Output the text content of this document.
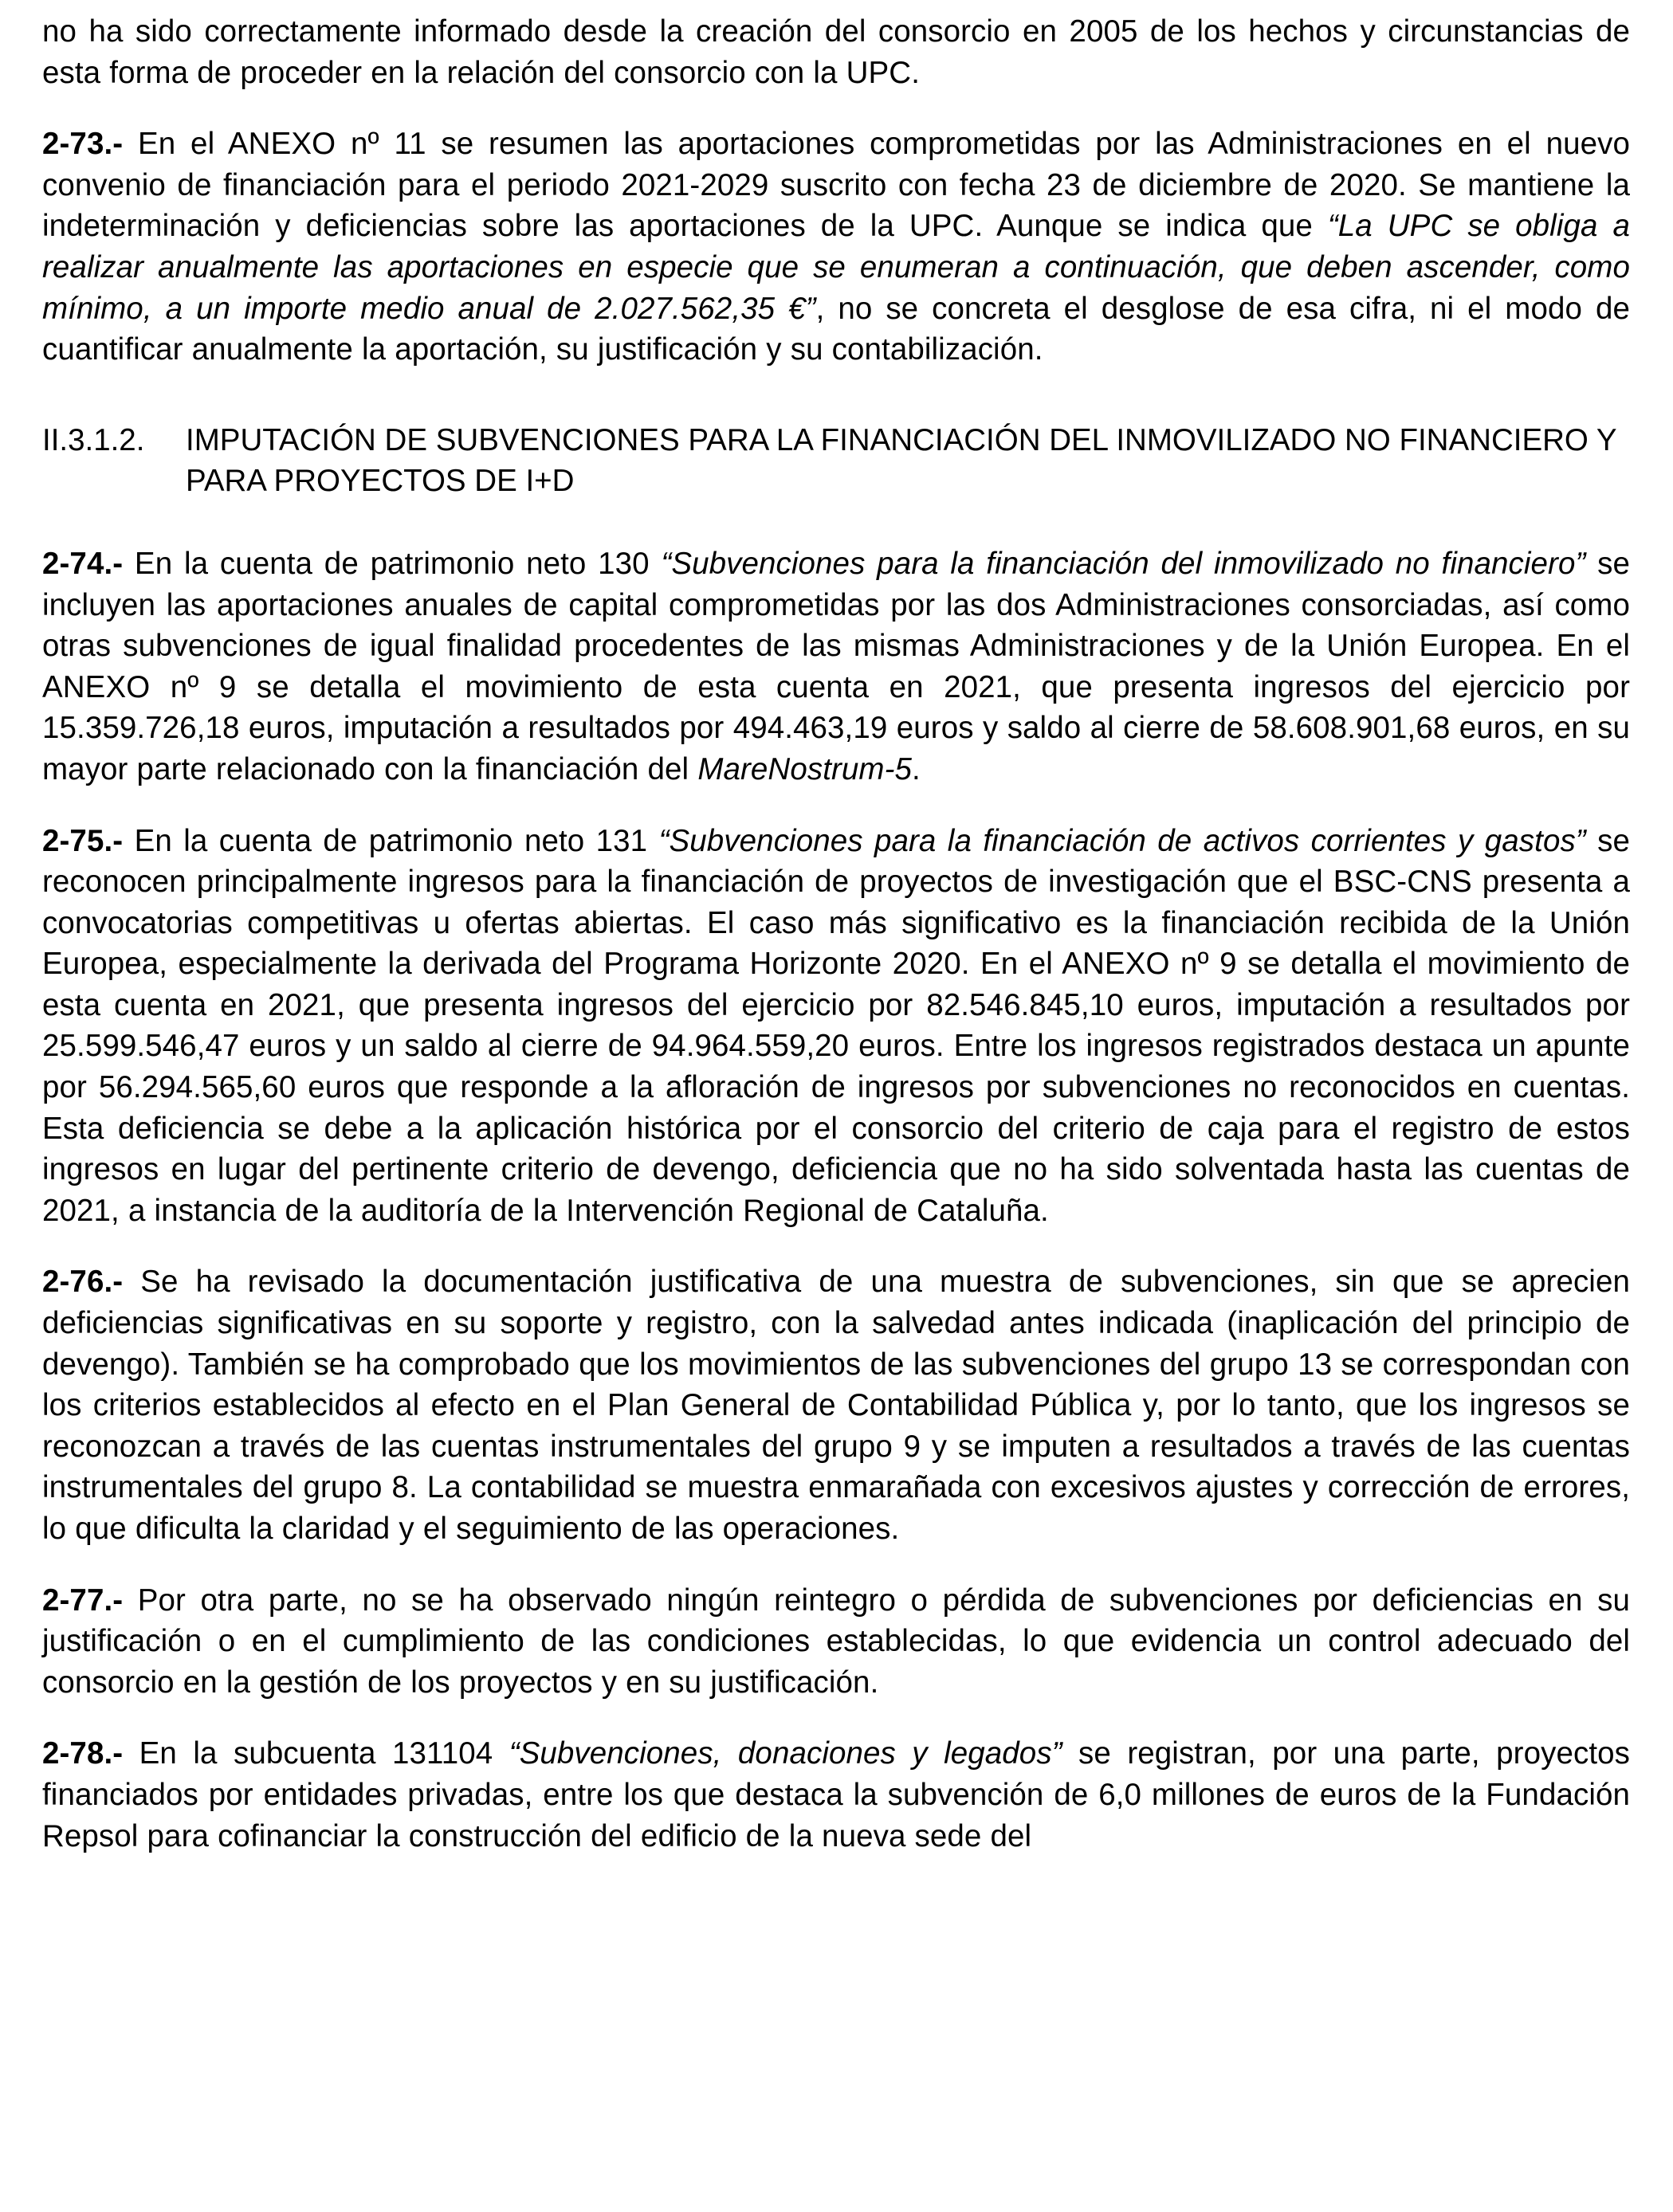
no ha sido correctamente informado desde la creación del consorcio en 2005 de los hechos y circunstancias de esta forma de proceder en la relación del consorcio con la UPC.

2-73.- En el ANEXO nº 11 se resumen las aportaciones comprometidas por las Administraciones en el nuevo convenio de financiación para el periodo 2021-2029 suscrito con fecha 23 de diciembre de 2020. Se mantiene la indeterminación y deficiencias sobre las aportaciones de la UPC. Aunque se indica que “La UPC se obliga a realizar anualmente las aportaciones en especie que se enumeran a continuación, que deben ascender, como mínimo, a un importe medio anual de 2.027.562,35 €”, no se concreta el desglose de esa cifra, ni el modo de cuantificar anualmente la aportación, su justificación y su contabilización.

II.3.1.2.	IMPUTACIÓN DE SUBVENCIONES PARA LA FINANCIACIÓN DEL INMOVILIZADO NO FINANCIERO Y PARA PROYECTOS DE I+D

2-74.- En la cuenta de patrimonio neto 130 “Subvenciones para la financiación del inmovilizado no financiero” se incluyen las aportaciones anuales de capital comprometidas por las dos Administraciones consorciadas, así como otras subvenciones de igual finalidad procedentes de las mismas Administraciones y de la Unión Europea. En el ANEXO nº 9 se detalla el movimiento de esta cuenta en 2021, que presenta ingresos del ejercicio por 15.359.726,18 euros, imputación a resultados por 494.463,19 euros y saldo al cierre de 58.608.901,68 euros, en su mayor parte relacionado con la financiación del MareNostrum-5.

2-75.- En la cuenta de patrimonio neto 131 “Subvenciones para la financiación de activos corrientes y gastos” se reconocen principalmente ingresos para la financiación de proyectos de investigación que el BSC-CNS presenta a convocatorias competitivas u ofertas abiertas. El caso más significativo es la financiación recibida de la Unión Europea, especialmente la derivada del Programa Horizonte 2020. En el ANEXO nº 9 se detalla el movimiento de esta cuenta en 2021, que presenta ingresos del ejercicio por 82.546.845,10 euros, imputación a resultados por 25.599.546,47 euros y un saldo al cierre de 94.964.559,20 euros. Entre los ingresos registrados destaca un apunte por 56.294.565,60 euros que responde a la afloración de ingresos por subvenciones no reconocidos en cuentas. Esta deficiencia se debe a la aplicación histórica por el consorcio del criterio de caja para el registro de estos ingresos en lugar del pertinente criterio de devengo, deficiencia que no ha sido solventada hasta las cuentas de 2021, a instancia de la auditoría de la Intervención Regional de Cataluña.

2-76.- Se ha revisado la documentación justificativa de una muestra de subvenciones, sin que se aprecien deficiencias significativas en su soporte y registro, con la salvedad antes indicada (inaplicación del principio de devengo). También se ha comprobado que los movimientos de las subvenciones del grupo 13 se correspondan con los criterios establecidos al efecto en el Plan General de Contabilidad Pública y, por lo tanto, que los ingresos se reconozcan a través de las cuentas instrumentales del grupo 9 y se imputen a resultados a través de las cuentas instrumentales del grupo 8. La contabilidad se muestra enmarañada con excesivos ajustes y corrección de errores, lo que dificulta la claridad y el seguimiento de las operaciones.

2-77.- Por otra parte, no se ha observado ningún reintegro o pérdida de subvenciones por deficiencias en su justificación o en el cumplimiento de las condiciones establecidas, lo que evidencia un control adecuado del consorcio en la gestión de los proyectos y en su justificación.

2-78.- En la subcuenta 131104 “Subvenciones, donaciones y legados” se registran, por una parte, proyectos financiados por entidades privadas, entre los que destaca la subvención de 6,0 millones de euros de la Fundación Repsol para cofinanciar la construcción del edificio de la nueva sede del
